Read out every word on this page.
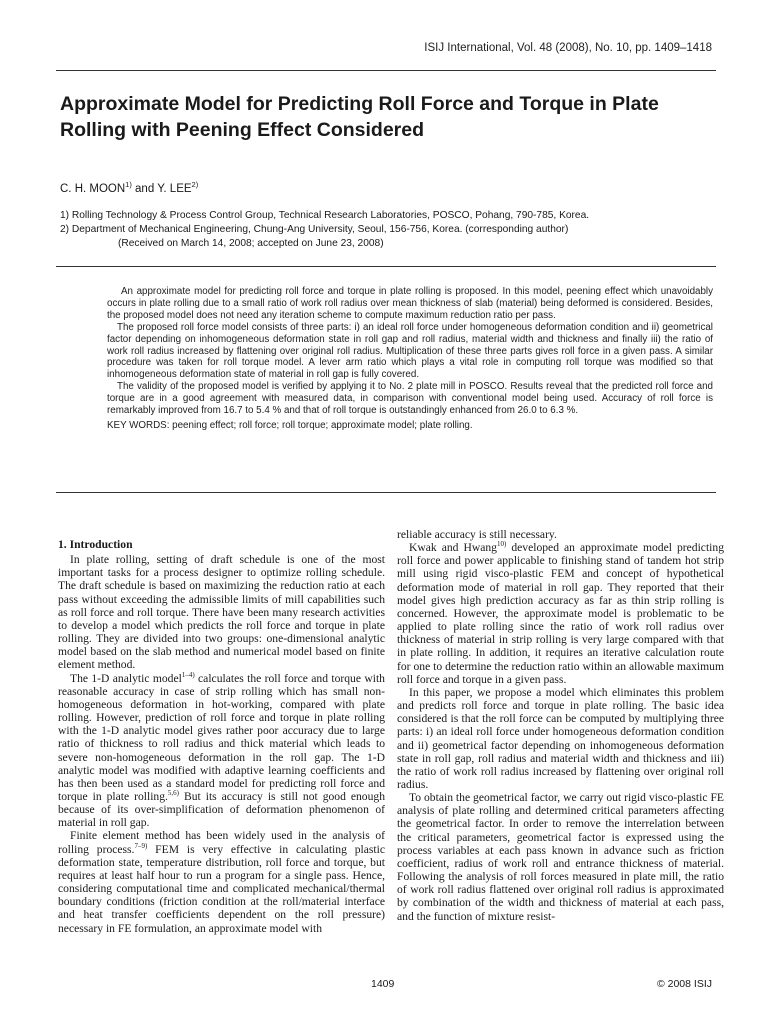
ISIJ International, Vol. 48 (2008), No. 10, pp. 1409–1418
Approximate Model for Predicting Roll Force and Torque in Plate Rolling with Peening Effect Considered
C. H. MOON$^{1)}$ and Y. LEE$^{2)}$
1) Rolling Technology & Process Control Group, Technical Research Laboratories, POSCO, Pohang, 790-785, Korea.
2) Department of Mechanical Engineering, Chung-Ang University, Seoul, 156-756, Korea. (corresponding author)
(Received on March 14, 2008; accepted on June 23, 2008)

An approximate model for predicting roll force and torque in plate rolling is proposed. In this model, peening effect which unavoidably occurs in plate rolling due to a small ratio of work roll radius over mean thickness of slab (material) being deformed is considered. Besides, the proposed model does not need any iteration scheme to compute maximum reduction ratio per pass.

The proposed roll force model consists of three parts: i) an ideal roll force under homogeneous deformation condition and ii) geometrical factor depending on inhomogeneous deformation state in roll gap and roll radius, material width and thickness and finally iii) the ratio of work roll radius increased by flattening over original roll radius. Multiplication of these three parts gives roll force in a given pass. A similar procedure was taken for roll torque model. A lever arm ratio which plays a vital role in computing roll torque was modified so that inhomogeneous deformation state of material in roll gap is fully covered.

The validity of the proposed model is verified by applying it to No. 2 plate mill in POSCO. Results reveal that the predicted roll force and torque are in a good agreement with measured data, in comparison with conventional model being used. Accuracy of roll force is remarkably improved from 16.7 to 5.4 % and that of roll torque is outstandingly enhanced from 26.0 to 6.3 %.

KEY WORDS: peening effect; roll force; roll torque; approximate model; plate rolling.
1. Introduction

In plate rolling, setting of draft schedule is one of the most important tasks for a process designer to optimize rolling schedule. The draft schedule is based on maximizing the reduction ratio at each pass without exceeding the admissible limits of mill capabilities such as roll force and roll torque. There have been many research activities to develop a model which predicts the roll force and torque in plate rolling. They are divided into two groups: one-dimensional analytic model based on the slab method and numerical model based on finite element method.

The 1-D analytic model$^{1-4)}$ calculates the roll force and torque with reasonable accuracy in case of strip rolling which has small non-homogeneous deformation in hot-working, compared with plate rolling. However, prediction of roll force and torque in plate rolling with the 1-D analytic model gives rather poor accuracy due to large ratio of thickness to roll radius and thick material which leads to severe non-homogeneous deformation in the roll gap. The 1-D analytic model was modified with adaptive learning coefficients and has then been used as a standard model for predicting roll force and torque in plate rolling.$^{5,6)}$ But its accuracy is still not good enough because of its over-simplification of deformation phenomenon of material in roll gap.

Finite element method has been widely used in the analysis of rolling process.$^{7-9)}$ FEM is very effective in calculating plastic deformation state, temperature distribution, roll force and torque, but requires at least half hour to run a program for a single pass. Hence, considering computational time and complicated mechanical/thermal boundary conditions (friction condition at the roll/material interface and heat transfer coefficients dependent on the roll pressure) necessary in FE formulation, an approximate model with

reliable accuracy is still necessary.

Kwak and Hwang$^{10)}$ developed an approximate model predicting roll force and power applicable to finishing stand of tandem hot strip mill using rigid visco-plastic FEM and concept of hypothetical deformation mode of material in roll gap. They reported that their model gives high prediction accuracy as far as thin strip rolling is concerned. However, the approximate model is problematic to be applied to plate rolling since the ratio of work roll radius over thickness of material in strip rolling is very large compared with that in plate rolling. In addition, it requires an iterative calculation route for one to determine the reduction ratio within an allowable maximum roll force and torque in a given pass.

In this paper, we propose a model which eliminates this problem and predicts roll force and torque in plate rolling. The basic idea considered is that the roll force can be computed by multiplying three parts: i) an ideal roll force under homogeneous deformation condition and ii) geometrical factor depending on inhomogeneous deformation state in roll gap, roll radius and material width and thickness and iii) the ratio of work roll radius increased by flattening over original roll radius.

To obtain the geometrical factor, we carry out rigid visco-plastic FE analysis of plate rolling and determined critical parameters affecting the geometrical factor. In order to remove the interrelation between the critical parameters, geometrical factor is expressed using the process variables at each pass known in advance such as friction coefficient, radius of work roll and entrance thickness of material. Following the analysis of roll forces measured in plate mill, the ratio of work roll radius flattened over original roll radius is approximated by combination of the width and thickness of material at each pass, and the function of mixture resist-

1409	© 2008 ISIJ
